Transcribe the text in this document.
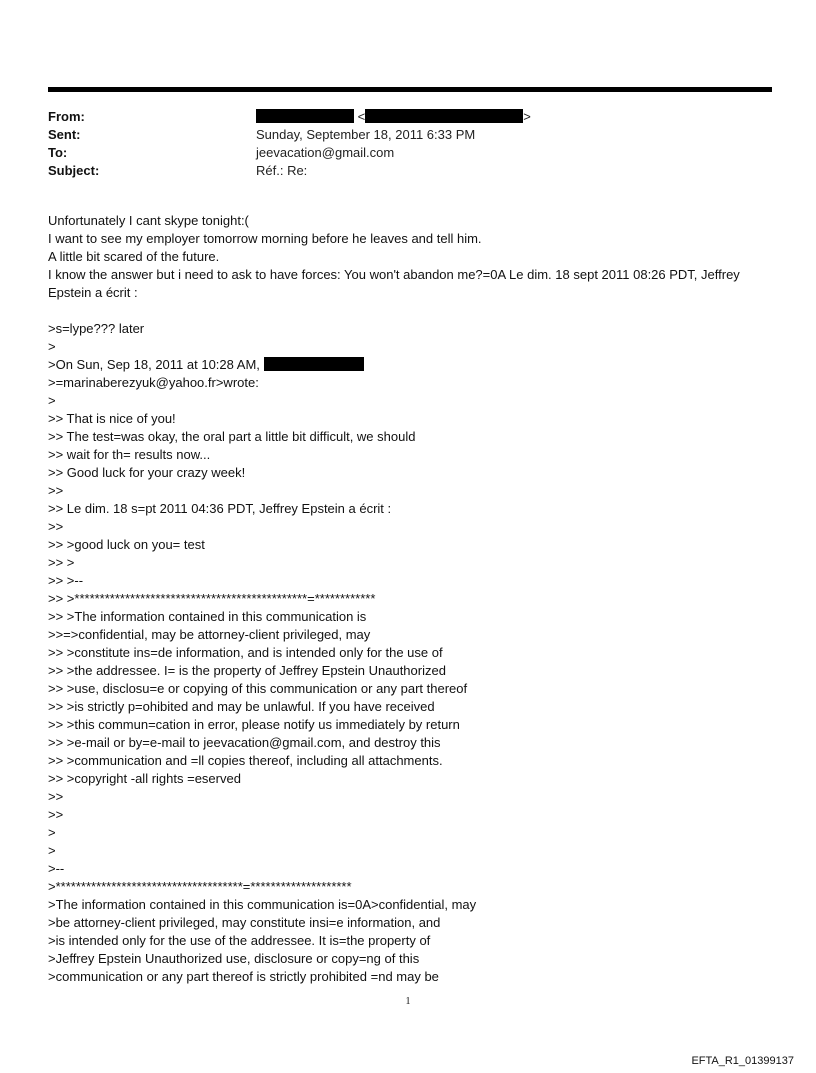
From:	<	>
Sent:	Sunday, September 18, 2011 6:33 PM
To:	jeevacation@gmail.com
Subject:	Réf.: Re:
Unfortunately I cant skype tonight:(
I want to see my employer tomorrow morning before he leaves and tell him.
A little bit scared of the future.
I know the answer but i need to ask to have forces: You won't abandon me?=0A Le dim. 18 sept 2011 08:26 PDT, Jeffrey Epstein a écrit :
>s=lype??? later
>
>On Sun, Sep 18, 2011 at 10:28 AM,
>=marinaberezyuk@yahoo.fr>wrote:
>
>> That is nice of you!
>> The test=was okay, the oral part a little bit difficult, we should
>> wait for th= results now...
>> Good luck for your crazy week!
>>
>> Le dim. 18 s=pt 2011 04:36 PDT, Jeffrey Epstein a écrit :
>>
>> >good luck on you= test
>> >
>> >--
>> >**********************************************=************
>> >The information contained in this communication is
>>=>confidential, may be attorney-client privileged, may
>> >constitute ins=de information, and is intended only for the use of
>> >the addressee. I= is the property of Jeffrey Epstein Unauthorized
>> >use, disclosu=e or copying of this communication or any part thereof
>> >is strictly p=ohibited and may be unlawful. If you have received
>> >this commun=cation in error, please notify us immediately by return
>> >e-mail or by=e-mail to jeevacation@gmail.com, and destroy this
>> >communication and =ll copies thereof, including all attachments.
>> >copyright -all rights =eserved
>>
>>
>
>
>--
>*************************************=********************
>The information contained in this communication is=0A>confidential, may
>be attorney-client privileged, may constitute insi=e information, and
>is intended only for the use of the addressee. It is=the property of
>Jeffrey Epstein Unauthorized use, disclosure or copy=ng of this
>communication or any part thereof is strictly prohibited =nd may be
1
EFTA_R1_01399137
